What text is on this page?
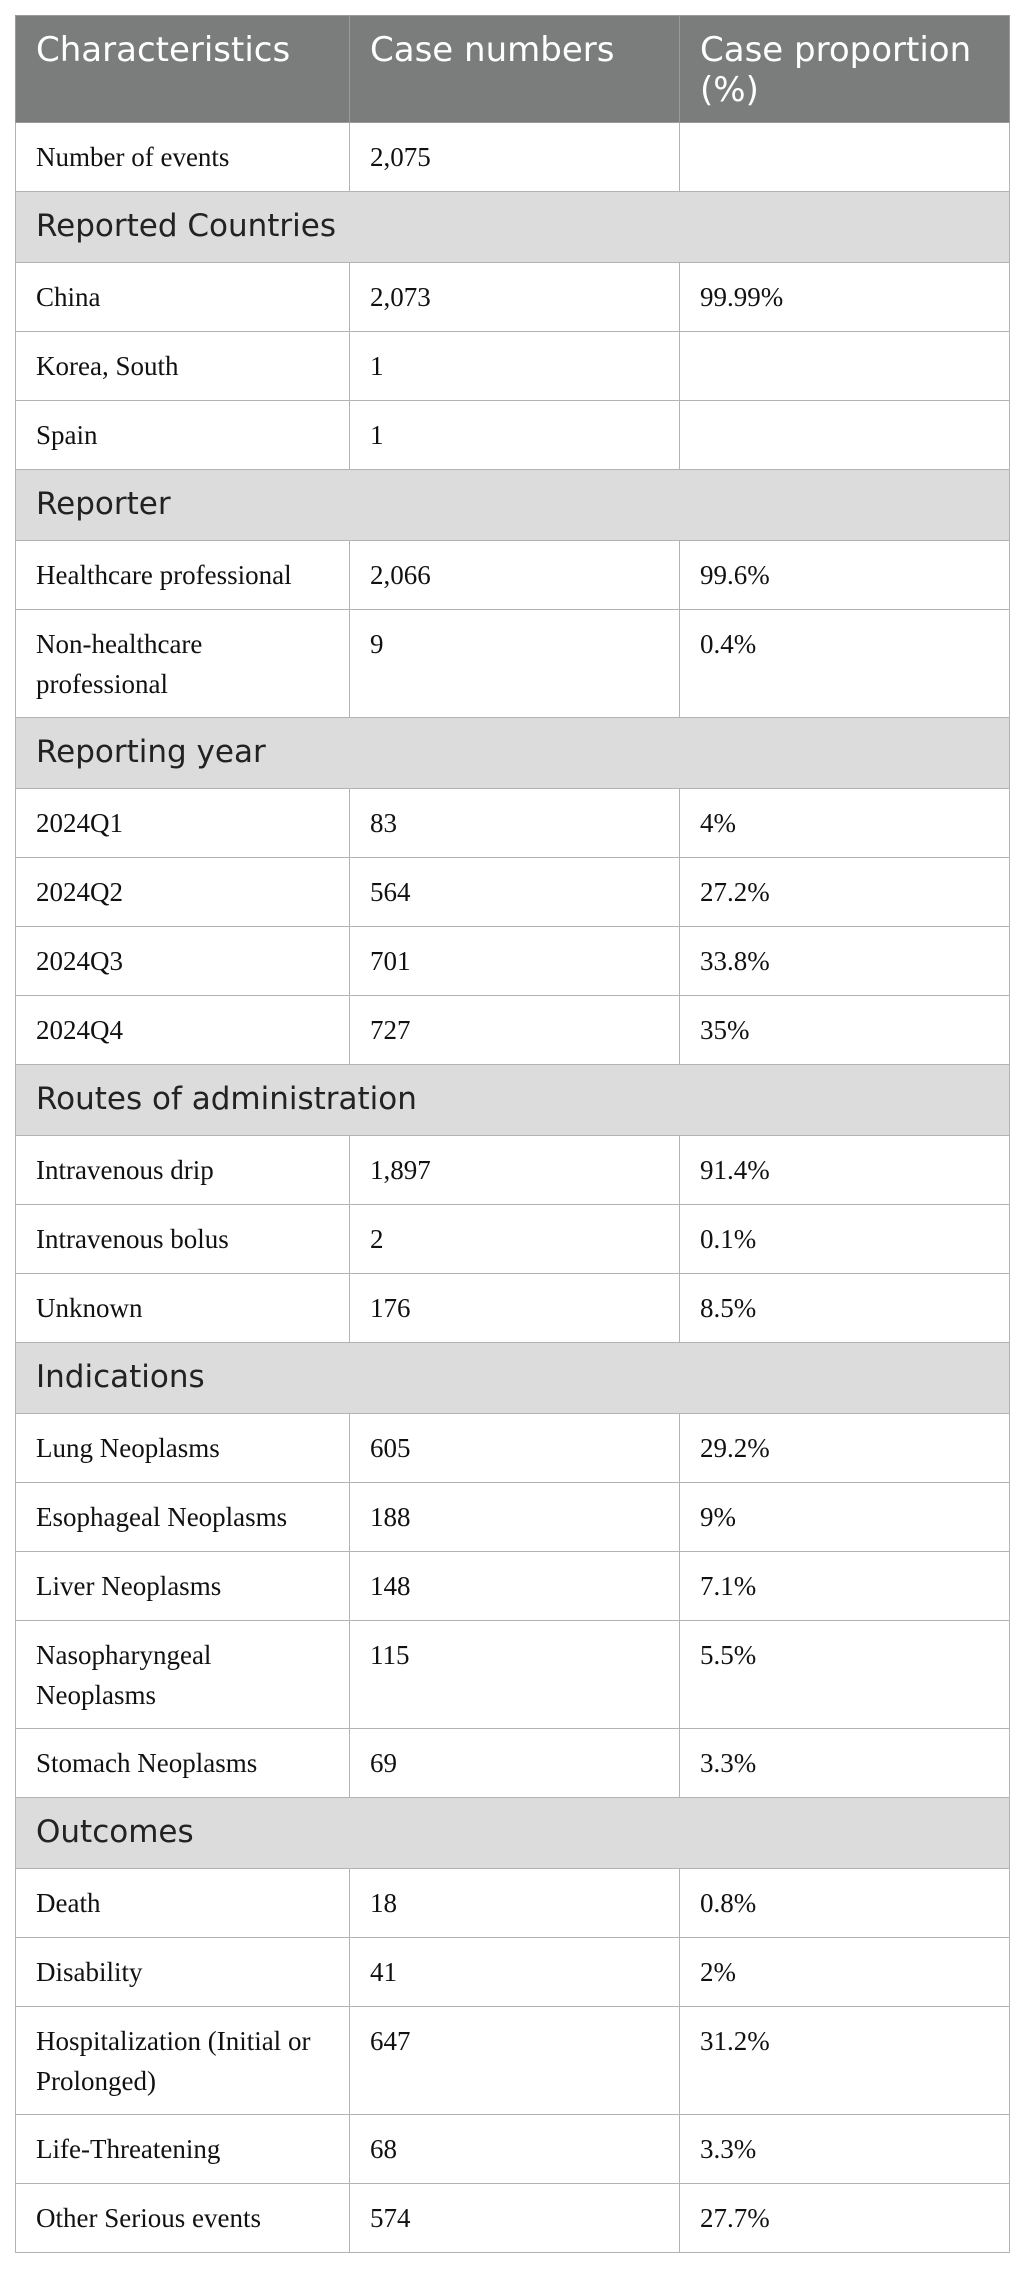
Characteristics	Case numbers	Case proportion (%)
Number of events	2,075	
Reported Countries		
China	2,073	99.99%
Korea, South	1	
Spain	1	
Reporter		
Healthcare professional	2,066	99.6%
Non-healthcare professional	9	0.4%
Reporting year		
2024Q1	83	4%
2024Q2	564	27.2%
2024Q3	701	33.8%
2024Q4	727	35%
Routes of administration		
Intravenous drip	1,897	91.4%
Intravenous bolus	2	0.1%
Unknown	176	8.5%
Indications		
Lung Neoplasms	605	29.2%
Esophageal Neoplasms	188	9%
Liver Neoplasms	148	7.1%
Nasopharyngeal Neoplasms	115	5.5%
Stomach Neoplasms	69	3.3%
Outcomes		
Death	18	0.8%
Disability	41	2%
Hospitalization (Initial or Prolonged)	647	31.2%
Life-Threatening	68	3.3%
Other Serious events	574	27.7%
